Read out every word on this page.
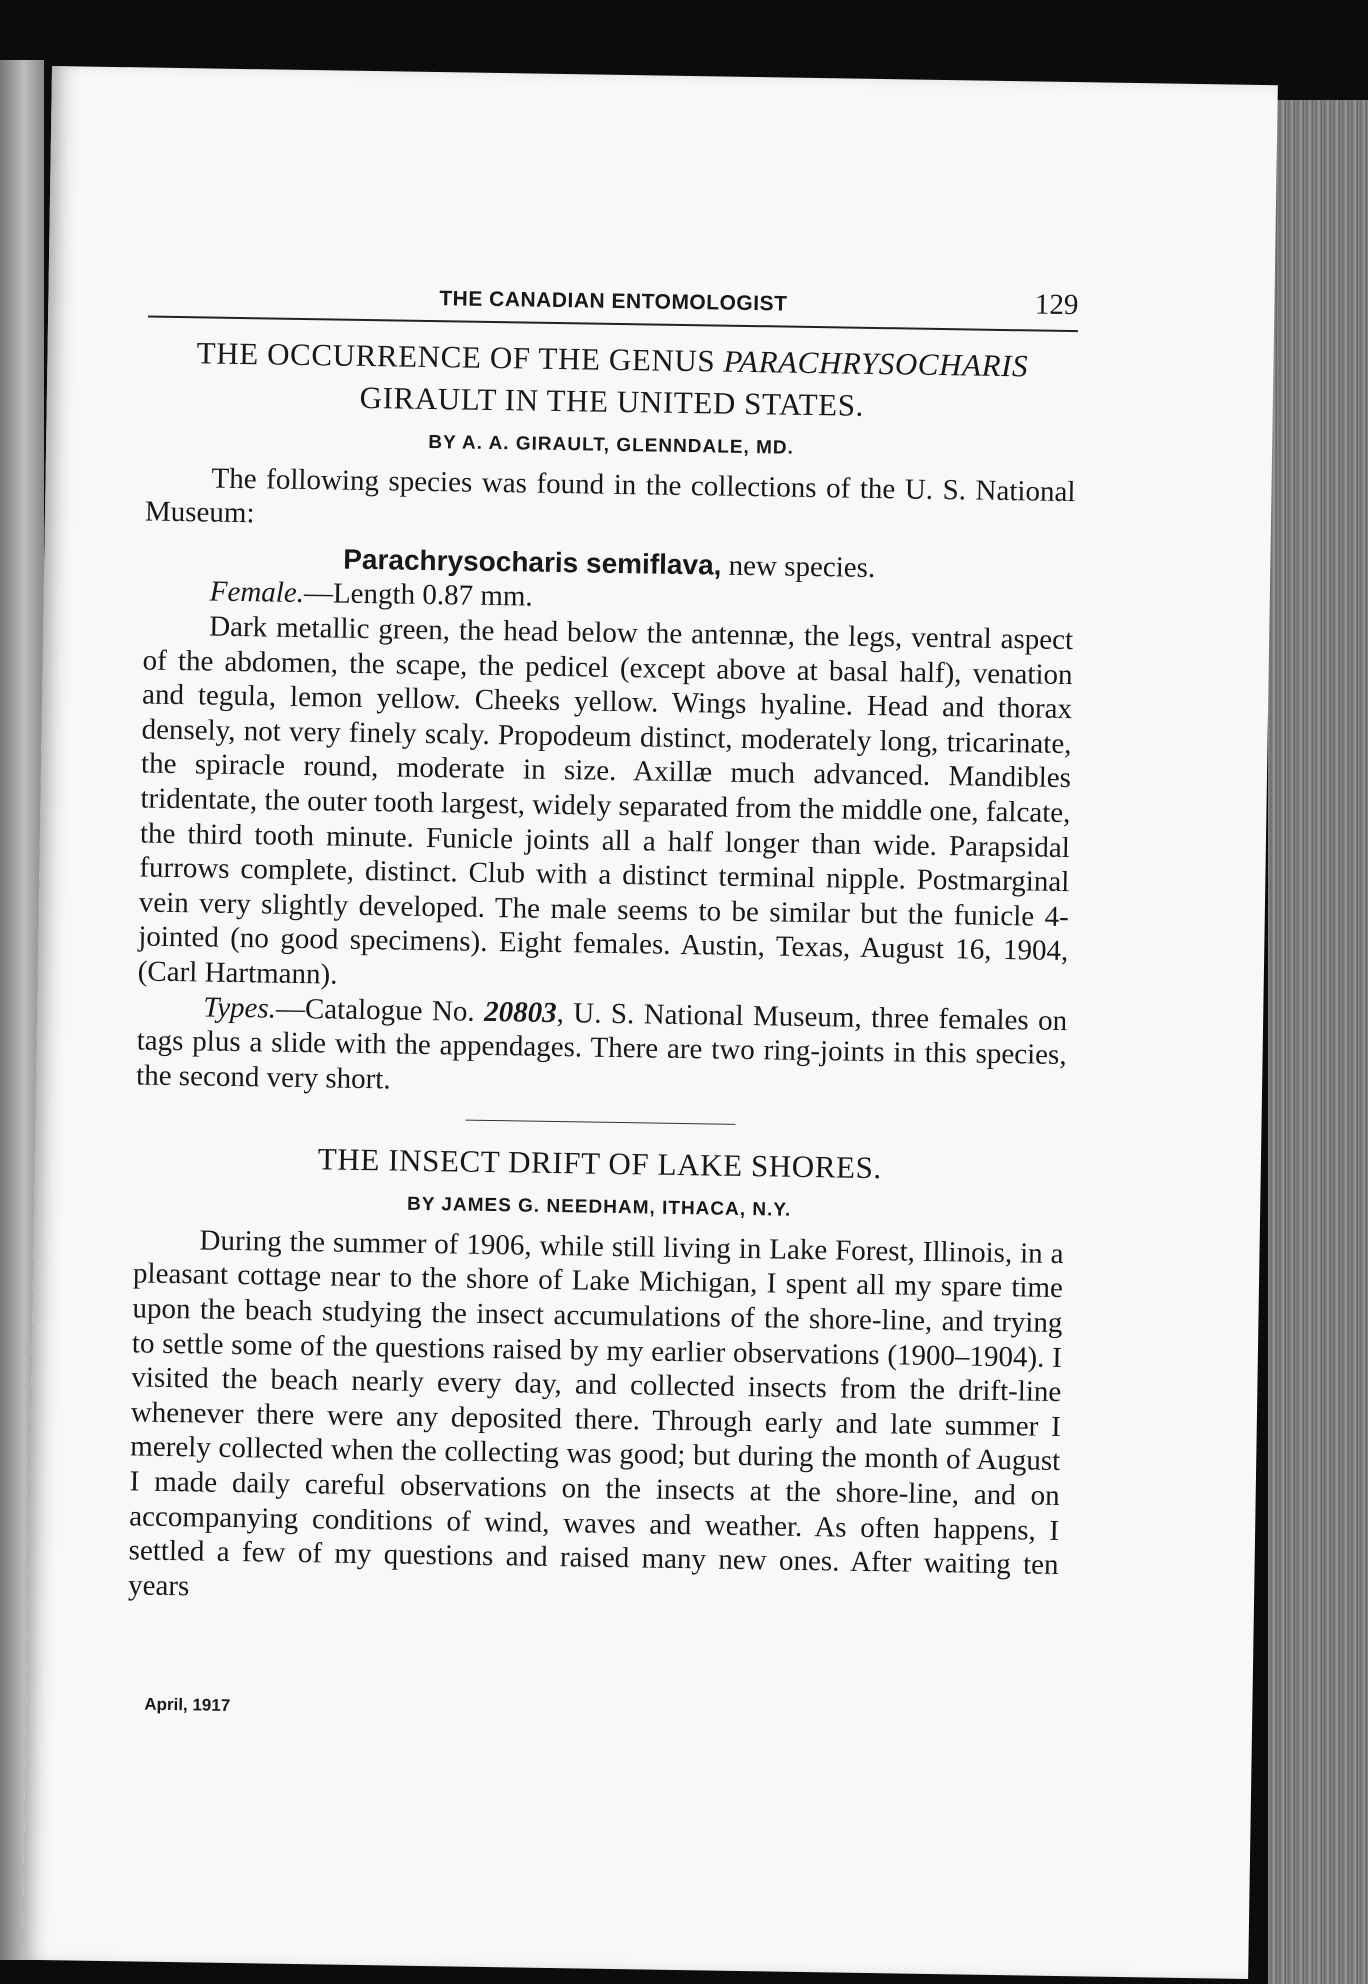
THE CANADIAN ENTOMOLOGIST	129
THE OCCURRENCE OF THE GENUS PARACHRYSOCHARIS GIRAULT IN THE UNITED STATES.
BY A. A. GIRAULT, GLENNDALE, MD.

The following species was found in the collections of the U. S. National Museum:

Parachrysocharis semiflava, new species.

Female.—Length 0.87 mm.

Dark metallic green, the head below the antennæ, the legs, ventral aspect of the abdomen, the scape, the pedicel (except above at basal half), venation and tegula, lemon yellow. Cheeks yellow. Wings hyaline. Head and thorax densely, not very finely scaly. Propodeum distinct, moderately long, tricarinate, the spiracle round, moderate in size. Axillæ much advanced. Mandibles tridentate, the outer tooth largest, widely separated from the middle one, falcate, the third tooth minute. Funicle joints all a half longer than wide. Parapsidal furrows complete, distinct. Club with a distinct terminal nipple. Postmarginal vein very slightly developed. The male seems to be similar but the funicle 4-jointed (no good specimens). Eight females. Austin, Texas, August 16, 1904, (Carl Hartmann).

Types.—Catalogue No. 20803, U. S. National Museum, three females on tags plus a slide with the appendages. There are two ring-joints in this species, the second very short.

THE INSECT DRIFT OF LAKE SHORES.
BY JAMES G. NEEDHAM, ITHACA, N.Y.

During the summer of 1906, while still living in Lake Forest, Illinois, in a pleasant cottage near to the shore of Lake Michigan, I spent all my spare time upon the beach studying the insect accumulations of the shore-line, and trying to settle some of the questions raised by my earlier observations (1900–1904). I visited the beach nearly every day, and collected insects from the drift-line whenever there were any deposited there. Through early and late summer I merely collected when the collecting was good; but during the month of August I made daily careful observations on the insects at the shore-line, and on accompanying conditions of wind, waves and weather. As often happens, I settled a few of my questions and raised many new ones. After waiting ten years

April, 1917
